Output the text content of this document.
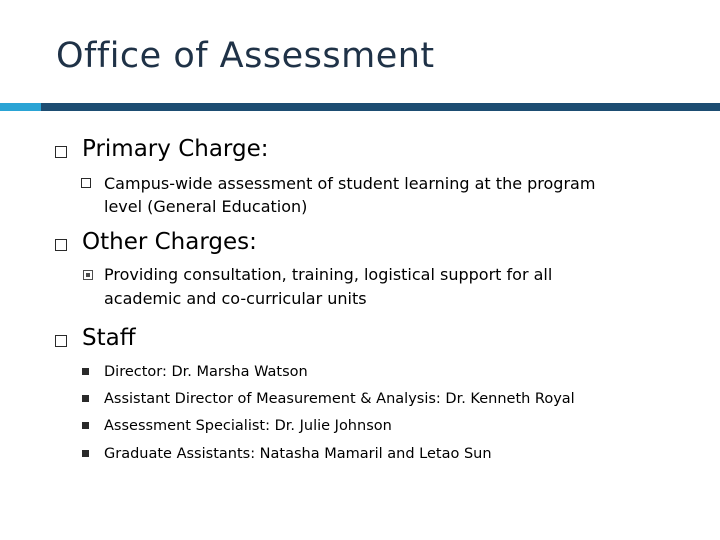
Office of Assessment
Primary Charge:
Campus-wide assessment of student learning at the program
level (General Education)
Other Charges:
Providing consultation, training, logistical support for all
academic and co-curricular units
Staff
Director: Dr. Marsha Watson
Assistant Director of Measurement & Analysis: Dr. Kenneth Royal
Assessment Specialist: Dr. Julie Johnson
Graduate Assistants: Natasha Mamaril and Letao Sun
